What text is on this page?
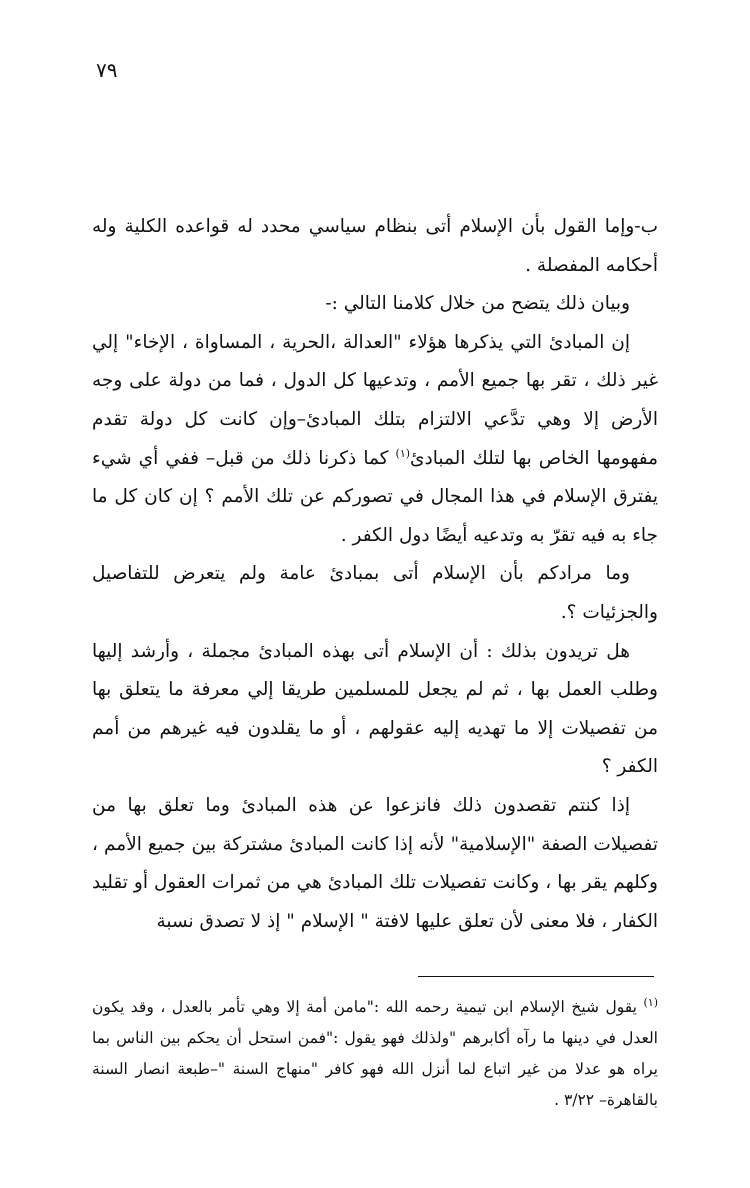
٧٩

ب-وإما القول بأن الإسلام أتى بنظام سياسي محدد له قواعده الكلية وله أحكامه المفصلة .

وبيان ذلك يتضح من خلال كلامنا التالي :-

إن المبادئ التي يذكرها هؤلاء "العدالة ،الحرية ، المساواة ، الإخاء" إلي غير ذلك ، تقر بها جميع الأمم ، وتدعيها كل الدول ، فما من دولة على وجه الأرض إلا وهي تدَّعي الالتزام بتلك المبادئ–وإن كانت كل دولة تقدم مفهومها الخاص بها لتلك المبادئ$^{(١)}$ كما ذكرنا ذلك من قبل– ففي أي شيء يفترق الإسلام في هذا المجال في تصوركم عن تلك الأمم ؟ إن كان كل ما جاء به فيه تقرّ به وتدعيه أيضًا دول الكفر .

وما مرادكم بأن الإسلام أتى بمبادئ عامة ولم يتعرض للتفاصيل والجزئيات ؟.

هل تريدون بذلك : أن الإسلام أتى بهذه المبادئ مجملة ، وأرشد إليها وطلب العمل بها ، ثم لم يجعل للمسلمين طريقا إلي معرفة ما يتعلق بها من تفصيلات إلا ما تهديه إليه عقولهم ، أو ما يقلدون فيه غيرهم من أمم الكفر ؟

إذا كنتم تقصدون ذلك فانزعوا عن هذه المبادئ وما تعلق بها من تفصيلات الصفة "الإسلامية" لأنه إذا كانت المبادئ مشتركة بين جميع الأمم ، وكلهم يقر بها ، وكانت تفصيلات تلك المبادئ هي من ثمرات العقول أو تقليد الكفار ، فلا معنى لأن تعلق عليها لافتة " الإسلام " إذ لا تصدق نسبة

$^{(١)}$ يقول شيخ الإسلام ابن تيمية رحمه الله :"مامن أمة إلا وهي تأمر بالعدل ، وقد يكون العدل في دينها ما رآه أكابرهم "ولذلك فهو يقول :"فمن استحل أن يحكم بين الناس بما يراه هو عدلا من غير اتباع لما أنزل الله فهو كافر "منهاج السنة "–طبعة انصار السنة بالقاهرة– ٣/٢٢ .
